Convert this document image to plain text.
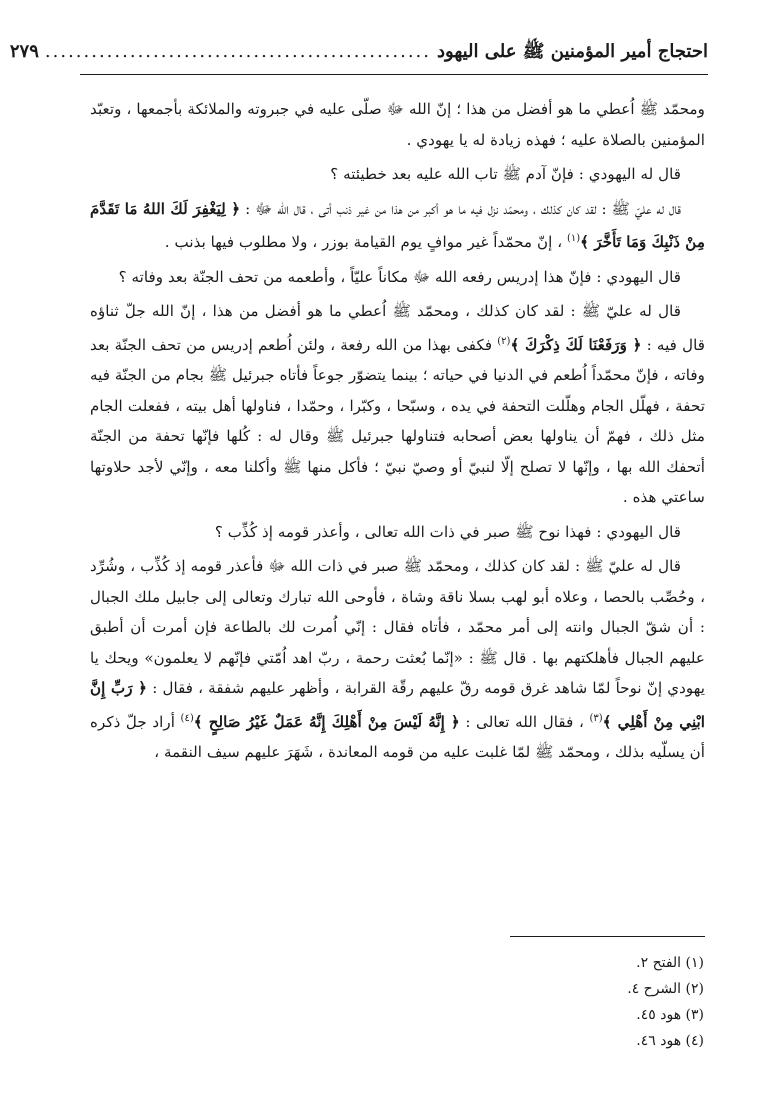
احتجاج أمير المؤمنين ﷺ على اليهود
..................................................
٢٧٩

ومحمّد ﷺ اُعطي ما هو أفضل من هذا ؛ إنّ الله ﷻ صلّى عليه في جبروته والملائكة بأجمعها ، وتعبّد المؤمنين بالصلاة عليه ؛ فهذه زيادة له يا يهودي .

قال له اليهودي : فإنّ آدم ﷺ تاب الله عليه بعد خطيئته ؟

قال له عليّ ﷺ : لقد كان كذلك ، ومحمّد نزل فيه ما هو أكبر من هذا من غير ذنب أتى ، قال الله ﷻ : ﴿ لِيَغْفِرَ لَكَ اللهُ مَا تَقَدَّمَ مِنْ ذَنْبِكَ وَمَا تَأَخَّرَ ﴾$^{(١)}$ ، إنّ محمّداً غير موافٍ يوم القيامة بوزر ، ولا مطلوب فيها بذنب .

قال اليهودي : فإنّ هذا إدريس رفعه الله ﷻ مكاناً عليّاً ، وأطعمه من تحف الجنّة بعد وفاته ؟

قال له عليّ ﷺ : لقد كان كذلك ، ومحمّد ﷺ اُعطي ما هو أفضل من هذا ، إنّ الله جلّ ثناؤه قال فيه : ﴿ وَرَفَعْنَا لَكَ ذِكْرَكَ ﴾$^{(٢)}$ فكفى بهذا من الله رفعة ، ولئن اُطعم إدريس من تحف الجنّة بعد وفاته ، فإنّ محمّداً اُطعم في الدنيا في حياته ؛ بينما يتضوّر جوعاً فأتاه جبرئيل ﷺ بجام من الجنّة فيه تحفة ، فهلّل الجام وهلّلت التحفة في يده ، وسبّحا ، وكبّرا ، وحمّدا ، فناولها أهل بيته ، ففعلت الجام مثل ذلك ، فهمّ أن يناولها بعض أصحابه فتناولها جبرئيل ﷺ وقال له : كُلها فإنّها تحفة من الجنّة أتحفك الله بها ، وإنّها لا تصلح إلّا لنبيّ أو وصيّ نبيّ ؛ فأكل منها ﷺ وأكلنا معه ، وإنّي لأجد حلاوتها ساعتي هذه .

قال اليهودي : فهذا نوح ﷺ صبر في ذات الله تعالى ، وأعذر قومه إذ كُذِّب ؟

قال له عليّ ﷺ : لقد كان كذلك ، ومحمّد ﷺ صبر في ذات الله ﷻ فأعذر قومه إذ كُذِّب ، وشُرِّد ، وحُصِّب بالحصا ، وعلاه أبو لهب بسلا ناقة وشاة ، فأوحى الله تبارك وتعالى إلى جابيل ملك الجبال : أن شقّ الجبال وانته إلى أمر محمّد ، فأتاه فقال : إنّي اُمرت لك بالطاعة فإن أمرت أن أطبق عليهم الجبال فأهلكتهم بها . قال ﷺ : «إنّما بُعثت رحمة ، ربّ اهد اُمّتي فإنّهم لا يعلمون» ويحك يا يهودي إنّ نوحاً لمّا شاهد غرق قومه رقّ عليهم رقّة القرابة ، وأظهر عليهم شفقة ، فقال : ﴿ رَبِّ إِنَّ ابْنِي مِنْ أَهْلِي ﴾$^{(٣)}$ ، فقال الله تعالى : ﴿ إِنَّهُ لَيْسَ مِنْ أَهْلِكَ إِنَّهُ عَمَلٌ غَيْرُ صَالِحٍ ﴾$^{(٤)}$ أراد جلّ ذكره أن يسلّيه بذلك ، ومحمّد ﷺ لمّا غلبت عليه من قومه المعاندة ، شَهَرَ عليهم سيف النقمة ،

(١) الفتح ٢.
(٢) الشرح ٤.
(٣) هود ٤٥.
(٤) هود ٤٦.
